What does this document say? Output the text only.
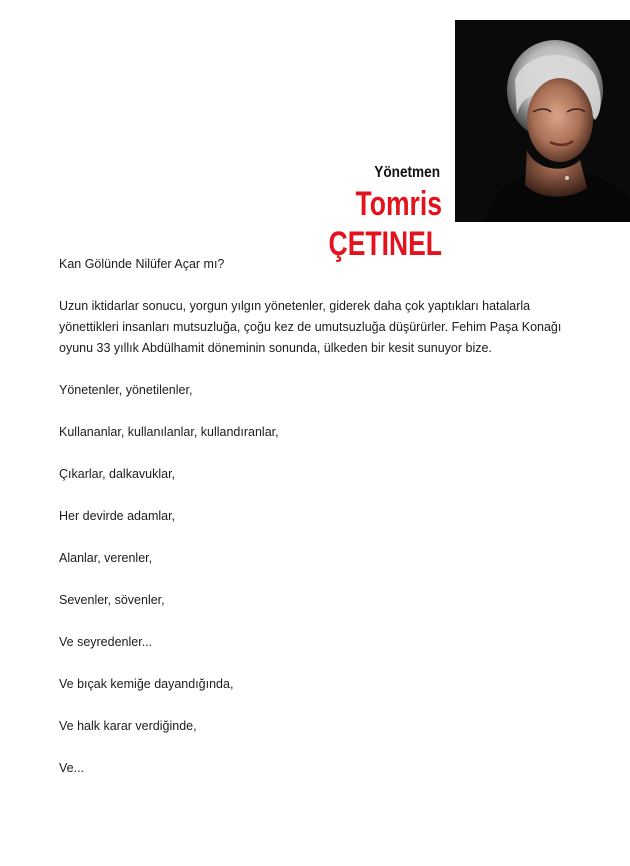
Yönetmen
Tomris ÇETINEL

Kan Gölünde Nilüfer Açar mı?

Uzun iktidarlar sonucu, yorgun yılgın yönetenler, giderek daha çok yaptıkları hatalarla yönettikleri insanları mutsuzluğa, çoğu kez de umutsuzluğa düşürürler. Fehim Paşa Konağı oyunu 33 yıllık Abdülhamit döneminin sonunda, ülkeden bir kesit sunuyor bize.

Yönetenler, yönetilenler,

Kullananlar, kullanılanlar, kullandıranlar,

Çıkarlar, dalkavuklar,

Her devirde adamlar,

Alanlar, verenler,

Sevenler, sövenler,

Ve seyredenler...

Ve bıçak kemiğe dayandığında,

Ve halk karar verdiğinde,

Ve...
